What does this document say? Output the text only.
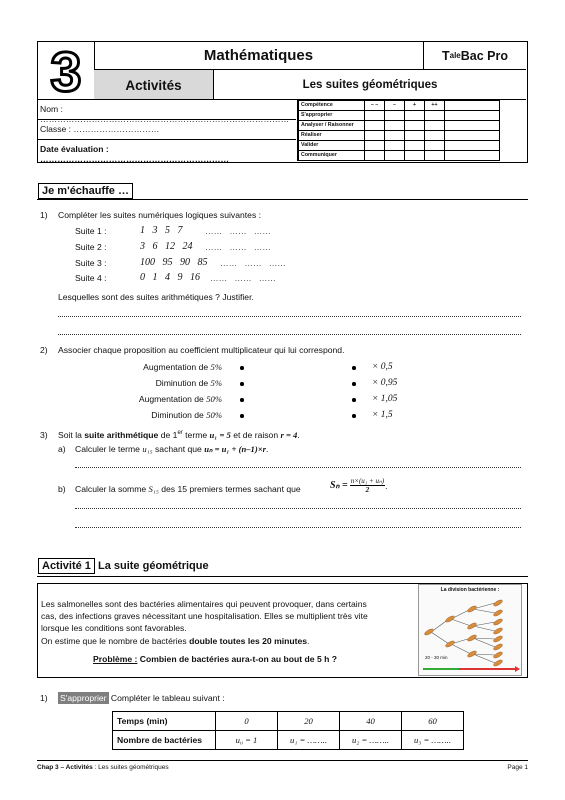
3	Mathématiques	T ale Bac Pro
Activités	Les suites géométriques
Nom : ……………………………………………………………………………
Classe : …………………………
Date évaluation : …………………………………………………………
Compétence	– –	–	+	++	
S'approprier					
Analyser / Raisonner					
Réaliser					
Valider					
Communiquer					
Je m'échauffe …
1) Compléter les suites numériques logiques suivantes :
Suite 1 :	1   3   5   7	……   ……   ……
Suite 2 :	3   6   12   24 ……   ……   ……
Suite 3 :	100   95   90   85 ……   ……   ……
Suite 4 :	0   1   4   9   16 ……   ……   ……
Lesquelles sont des suites arithmétiques ? Justifier.
2) Associer chaque proposition au coefficient multiplicateur qui lui correspond.
Augmentation de 5%	× 0,5
Diminution de 5%	× 0,95
Augmentation de 50%	× 1,05
Diminution de 50%	× 1,5
3) Soit la suite arithmétique de 1er terme u₁ = 5 et de raison r = 4.
a) Calculer le terme u₁₅ sachant que uₙ = u₁ + (n–1)×r.
b) Calculer la somme S₁₅ des 15 premiers termes sachant que	$S_n = \frac{\text{n×(u₁ + uₙ)}}{2}$ .
Activité 1 La suite géométrique
Les salmonelles sont des bactéries alimentaires qui peuvent provoquer, dans certains
cas, des infections graves nécessitant une hospitalisation. Elles se multiplient très vite
lorsque les conditions sont favorables.
On estime que le nombre de bactéries double toutes les 20 minutes.
Problème : Combien de bactéries aura-t-on au bout de 5 h ?
La division bactérienne :
20 - 30 min
1) S'approprier Compléter le tableau suivant :
Temps (min)	0	20	40	60
Nombre de bactéries	u₀ = 1	u₁ = ……..	u₂ = ……..	u₃ = ……..
Chap 3 – Activités : Les suites géométriques	Page 1
